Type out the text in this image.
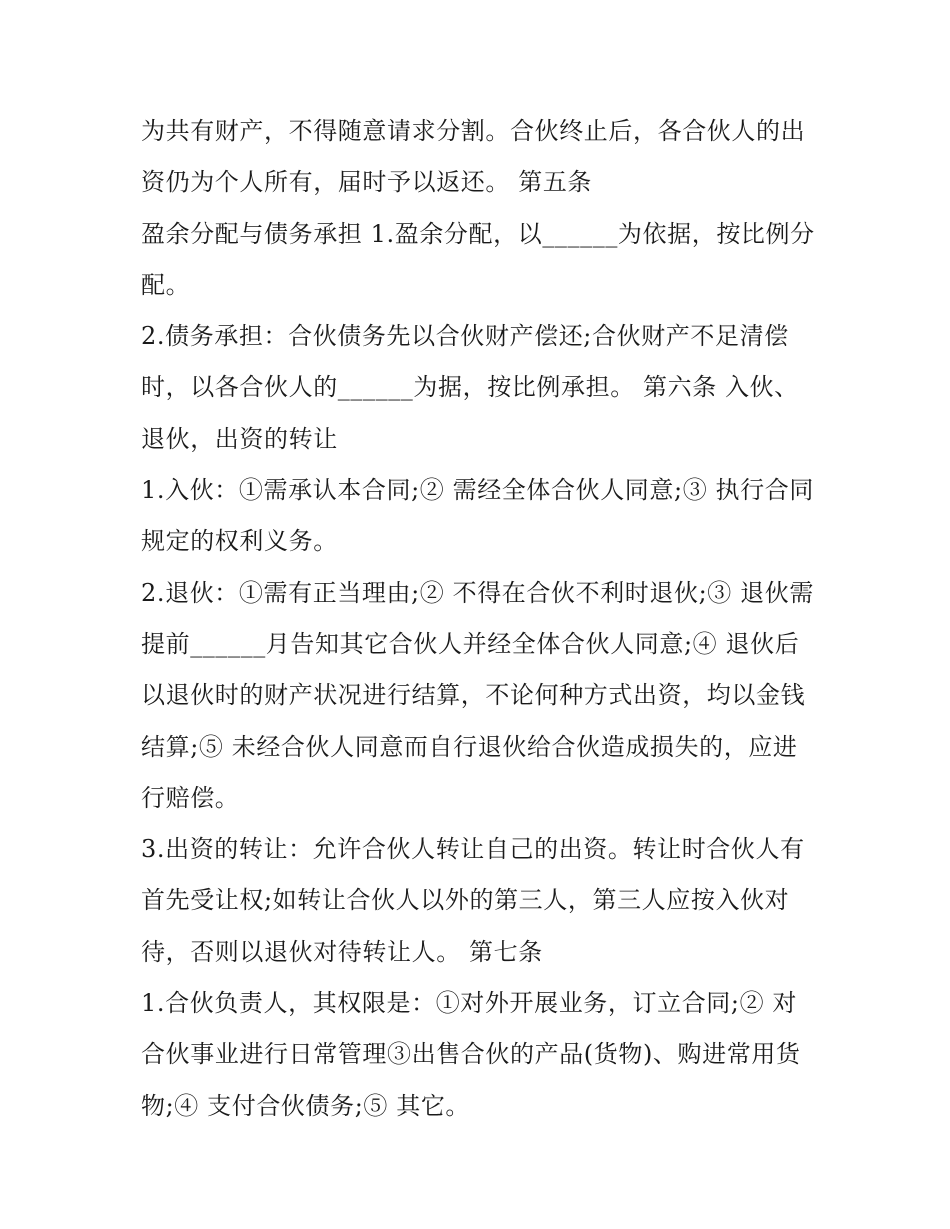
为共有财产，不得随意请求分割。合伙终止后，各合伙人的出
资仍为个人所有，届时予以返还。 第五条
盈余分配与债务承担 1.盈余分配，以______为依据，按比例分
配。
2.债务承担：合伙债务先以合伙财产偿还;合伙财产不足清偿
时，以各合伙人的______为据，按比例承担。 第六条 入伙、
退伙，出资的转让
1.入伙：①需承认本合同;② 需经全体合伙人同意;③ 执行合同
规定的权利义务。
2.退伙：①需有正当理由;② 不得在合伙不利时退伙;③ 退伙需
提前______月告知其它合伙人并经全体合伙人同意;④ 退伙后
以退伙时的财产状况进行结算，不论何种方式出资，均以金钱
结算;⑤ 未经合伙人同意而自行退伙给合伙造成损失的，应进
行赔偿。
3.出资的转让：允许合伙人转让自己的出资。转让时合伙人有
首先受让权;如转让合伙人以外的第三人，第三人应按入伙对
待，否则以退伙对待转让人。 第七条
1.合伙负责人，其权限是：①对外开展业务，订立合同;② 对
合伙事业进行日常管理③出售合伙的产品(货物)、购进常用货
物;④ 支付合伙债务;⑤ 其它。
